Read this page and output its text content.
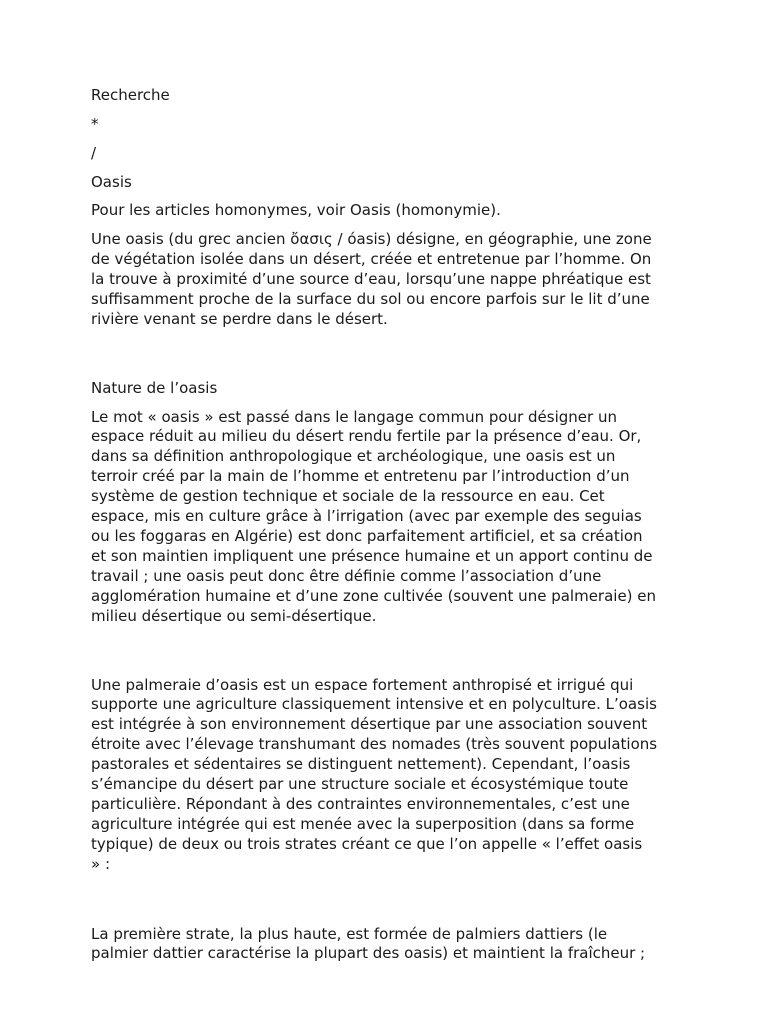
Recherche

*

/

Oasis

Pour les articles homonymes, voir Oasis (homonymie).

Une oasis (du grec ancien ὄασις / óasis) désigne, en géographie, une zone
de végétation isolée dans un désert, créée et entretenue par l’homme. On
la trouve à proximité d’une source d’eau, lorsqu’une nappe phréatique est
suffisamment proche de la surface du sol ou encore parfois sur le lit d’une
rivière venant se perdre dans le désert.

Nature de l’oasis

Le mot « oasis » est passé dans le langage commun pour désigner un
espace réduit au milieu du désert rendu fertile par la présence d’eau. Or,
dans sa définition anthropologique et archéologique, une oasis est un
terroir créé par la main de l’homme et entretenu par l’introduction d’un
système de gestion technique et sociale de la ressource en eau. Cet
espace, mis en culture grâce à l’irrigation (avec par exemple des seguias
ou les foggaras en Algérie) est donc parfaitement artificiel, et sa création
et son maintien impliquent une présence humaine et un apport continu de
travail ; une oasis peut donc être définie comme l’association d’une
agglomération humaine et d’une zone cultivée (souvent une palmeraie) en
milieu désertique ou semi-désertique.
Une palmeraie d’oasis est un espace fortement anthropisé et irrigué qui
supporte une agriculture classiquement intensive et en polyculture. L’oasis
est intégrée à son environnement désertique par une association souvent
étroite avec l’élevage transhumant des nomades (très souvent populations
pastorales et sédentaires se distinguent nettement). Cependant, l’oasis
s’émancipe du désert par une structure sociale et écosystémique toute
particulière. Répondant à des contraintes environnementales, c’est une
agriculture intégrée qui est menée avec la superposition (dans sa forme
typique) de deux ou trois strates créant ce que l’on appelle « l’effet oasis
» :
La première strate, la plus haute, est formée de palmiers dattiers (le
palmier dattier caractérise la plupart des oasis) et maintient la fraîcheur ;
